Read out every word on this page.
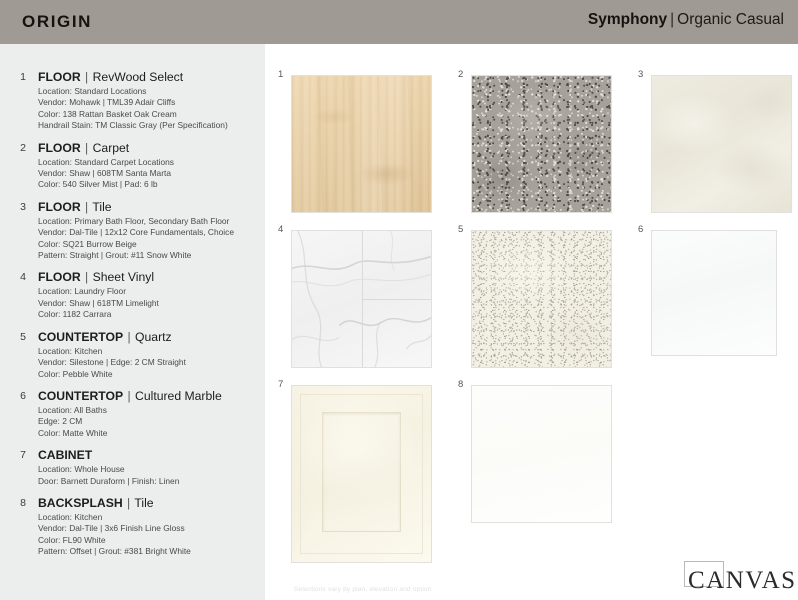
ORIGIN	Symphony | Organic Casual
1 FLOOR | RevWood Select
Location: Standard Locations
Vendor: Mohawk | TML39 Adair Cliffs
Color: 138 Rattan Basket Oak Cream
Handrail Stain: TM Classic Gray (Per Specification)
2 FLOOR | Carpet
Location: Standard Carpet Locations
Vendor: Shaw | 608TM Santa Marta
Color: 540 Silver Mist | Pad: 6 lb
3 FLOOR | Tile
Location: Primary Bath Floor, Secondary Bath Floor
Vendor: Dal-Tile | 12x12 Core Fundamentals, Choice
Color: SQ21 Burrow Beige
Pattern: Straight | Grout: #11 Snow White
4 FLOOR | Sheet Vinyl
Location: Laundry Floor
Vendor: Shaw | 618TM Limelight
Color: 1182 Carrara
5 COUNTERTOP | Quartz
Location: Kitchen
Vendor: Silestone | Edge: 2 CM Straight
Color: Pebble White
6 COUNTERTOP | Cultured Marble
Location: All Baths
Edge: 2 CM
Color: Matte White
7 CABINET
Location: Whole House
Door: Barnett Duraform | Finish: Linen
8 BACKSPLASH | Tile
Location: Kitchen
Vendor: Dal-Tile | 3x6 Finish Line Gloss
Color: FL90 White
Pattern: Offset | Grout: #381 Bright White
1	2	3
4	5	6
7	8
Selections vary by plan, elevation and option	CANVAS
